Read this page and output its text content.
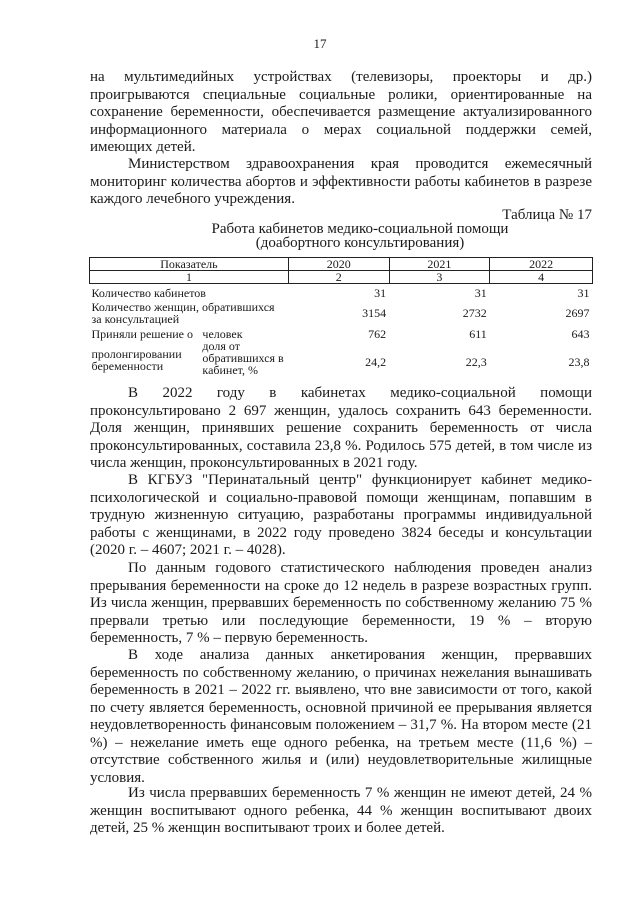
17

на мультимедийных устройствах (телевизоры, проекторы и др.) проигрываются специальные социальные ролики, ориентированные на сохранение беременности, обеспечивается размещение актуализированного информационного материала о мерах социальной поддержки семей, имеющих детей.

Министерством здравоохранения края проводится ежемесячный мониторинг количества абортов и эффективности работы кабинетов в разрезе каждого лечебного учреждения.

Таблица № 17
Работа кабинетов медико-социальной помощи
(доабортного консультирования)
Показатель		2020	2021	2022
1		2	3	4
Количество кабинетов		31	31	31
Количество женщин, обратившихся за консультацией		3154	2732	2697
Приняли решение о	человек	762	611	643
пролонгировании беременности	доля от обратившихся в кабинет, %	24,2	22,3	23,8

В 2022 году в кабинетах медико-социальной помощи проконсультировано 2 697 женщин, удалось сохранить 643 беременности. Доля женщин, принявших решение сохранить беременность от числа проконсультированных, составила 23,8 %. Родилось 575 детей, в том числе из числа женщин, проконсультированных в 2021 году.

В КГБУЗ "Перинатальный центр" функционирует кабинет медико-психологической и социально-правовой помощи женщинам, попавшим в трудную жизненную ситуацию, разработаны программы индивидуальной работы с женщинами, в 2022 году проведено 3824 беседы и консультации (2020 г. – 4607; 2021 г. – 4028).

По данным годового статистического наблюдения проведен анализ прерывания беременности на сроке до 12 недель в разрезе возрастных групп. Из числа женщин, прервавших беременность по собственному желанию 75 % прервали третью или последующие беременности, 19 % – вторую беременность, 7 % – первую беременность.

В ходе анализа данных анкетирования женщин, прервавших беременность по собственному желанию, о причинах нежелания вынашивать беременность в 2021 – 2022 гг. выявлено, что вне зависимости от того, какой по счету является беременность, основной причиной ее прерывания является неудовлетворенность финансовым положением – 31,7 %. На втором месте (21 %) – нежелание иметь еще одного ребенка, на третьем месте (11,6 %) – отсутствие собственного жилья и (или) неудовлетворительные жилищные условия.

Из числа прервавших беременность 7 % женщин не имеют детей, 24 % женщин воспитывают одного ребенка, 44 % женщин воспитывают двоих детей, 25 % женщин воспитывают троих и более детей.
